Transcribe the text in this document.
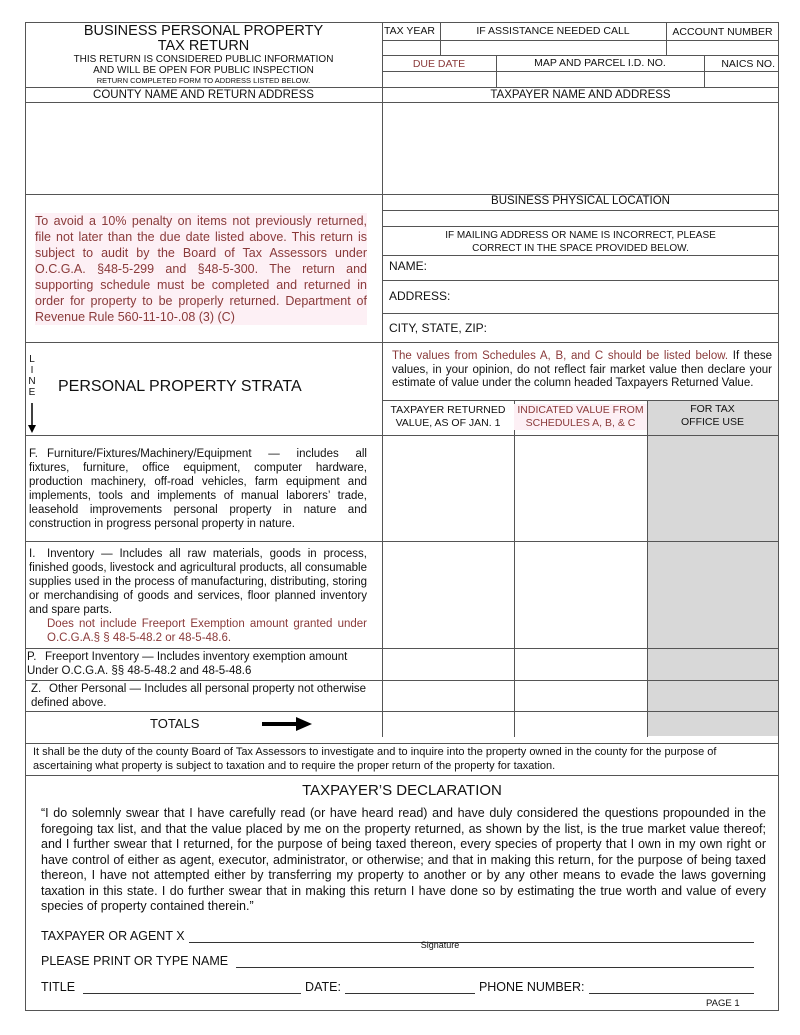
BUSINESS PERSONAL PROPERTY
TAX RETURN
THIS RETURN IS CONSIDERED PUBLIC INFORMATION
AND WILL BE OPEN FOR PUBLIC INSPECTION
RETURN COMPLETED FORM TO ADDRESS LISTED BELOW.
TAX YEAR	IF ASSISTANCE NEEDED CALL	ACCOUNT NUMBER
DUE DATE	MAP AND PARCEL I.D. NO.	NAICS NO.
COUNTY NAME AND RETURN ADDRESS	TAXPAYER NAME AND ADDRESS
To avoid a 10% penalty on items not previously returned, file not later than the due date listed above. This return is subject to audit by the Board of Tax Assessors under O.C.G.A. §48-5-299 and §48-5-300. The return and supporting schedule must be completed and returned in order for property to be properly returned. Department of Revenue Rule 560-11-10-.08 (3) (C)
BUSINESS PHYSICAL LOCATION
IF MAILING ADDRESS OR NAME IS INCORRECT, PLEASE
CORRECT IN THE SPACE PROVIDED BELOW.
NAME:
ADDRESS:
CITY, STATE, ZIP:
L
I
N
E PERSONAL PROPERTY STRATA
The values from Schedules A, B, and C should be listed below. If these values, in your opinion, do not reflect fair market value then declare your estimate of value under the column headed Taxpayers Returned Value.
TAXPAYER RETURNED
VALUE, AS OF JAN. 1
INDICATED VALUE FROM
SCHEDULES A, B, & C
FOR TAX
OFFICE USE
F. Furniture/Fixtures/Machinery/Equipment — includes all fixtures, furniture, office equipment, computer hardware, production machinery, off-road vehicles, farm equipment and implements, tools and implements of manual laborers’ trade, leasehold improvements personal property in nature and construction in progress personal property in nature.
I. Inventory — Includes all raw materials, goods in process, finished goods, livestock and agricultural products, all consumable supplies used in the process of manufacturing, distributing, storing or merchandising of goods and services, floor planned inventory and spare parts.
Does not include Freeport Exemption amount granted under O.C.G.A.§ § 48-5-48.2 or 48-5-48.6.
P. Freeport Inventory — Includes inventory exemption amount Under O.C.G.A. §§ 48-5-48.2 and 48-5-48.6
Z. Other Personal — Includes all personal property not otherwise defined above.
TOTALS
It shall be the duty of the county Board of Tax Assessors to investigate and to inquire into the property owned in the county for the purpose of ascertaining what property is subject to taxation and to require the proper return of the property for taxation.
TAXPAYER’S DECLARATION
“I do solemnly swear that I have carefully read (or have heard read) and have duly considered the questions propounded in the foregoing tax list, and that the value placed by me on the property returned, as shown by the list, is the true market value thereof; and I further swear that I returned, for the purpose of being taxed thereon, every species of property that I own in my own right or have control of either as agent, executor, administrator, or otherwise; and that in making this return, for the purpose of being taxed thereon, I have not attempted either by transferring my property to another or by any other means to evade the laws governing taxation in this state. I do further swear that in making this return I have done so by estimating the true worth and value of every species of property contained therein.”
TAXPAYER OR AGENT X
Signature
PLEASE PRINT OR TYPE NAME
TITLE	DATE:	PHONE NUMBER:
PAGE 1
